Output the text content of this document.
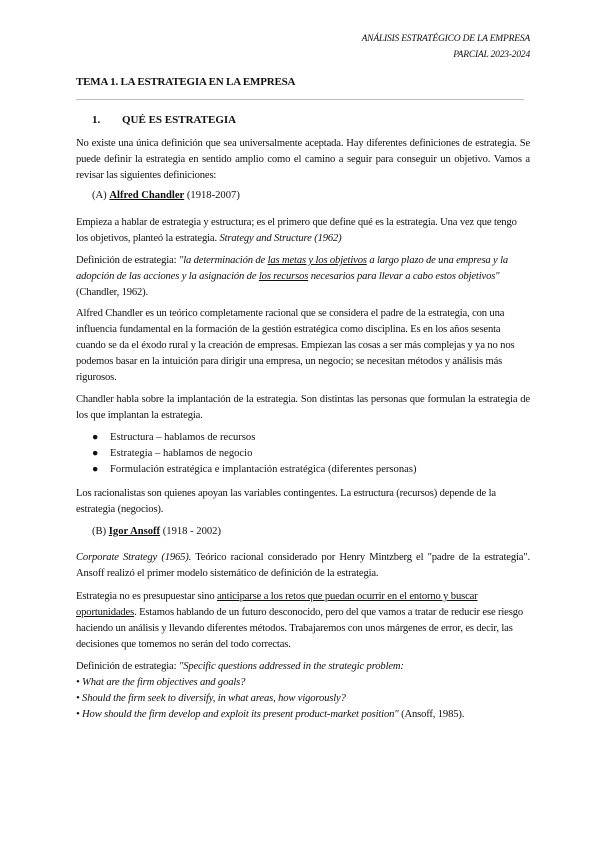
ANÁLISIS ESTRATÉGICO DE LA EMPRESA
PARCIAL 2023-2024
TEMA 1. LA ESTRATEGIA EN LA EMPRESA
1. QUÉ ES ESTRATEGIA

No existe una única definición que sea universalmente aceptada. Hay diferentes definiciones de estrategia. Se puede definir la estrategia en sentido amplio como el camino a seguir para conseguir un objetivo. Vamos a revisar las siguientes definiciones:

(A) Alfred Chandler (1918-2007)

Empieza a hablar de estrategia y estructura; es el primero que define qué es la estrategia. Una vez que tengo los objetivos, planteó la estrategia. Strategy and Structure (1962)

Definición de estrategia: "la determinación de las metas y los objetivos a largo plazo de una empresa y la adopción de las acciones y la asignación de los recursos necesarios para llevar a cabo estos objetivos" (Chandler, 1962).

Alfred Chandler es un teórico completamente racional que se considera el padre de la estrategia, con una influencia fundamental en la formación de la gestión estratégica como disciplina. Es en los años sesenta cuando se da el éxodo rural y la creación de empresas. Empiezan las cosas a ser más complejas y ya no nos podemos basar en la intuición para dirigir una empresa, un negocio; se necesitan métodos y análisis más rigurosos.

Chandler habla sobre la implantación de la estrategia. Son distintas las personas que formulan la estrategia de los que implantan la estrategia.

● Estructura – hablamos de recursos
● Estrategia – hablamos de negocio
● Formulación estratégica e implantación estratégica (diferentes personas)

Los racionalistas son quienes apoyan las variables contingentes. La estructura (recursos) depende de la estrategia (negocios).

(B) Igor Ansoff (1918 - 2002)

Corporate Strategy (1965). Teórico racional considerado por Henry Mintzberg el "padre de la estrategia". Ansoff realizó el primer modelo sistemático de definición de la estrategia.

Estrategia no es presupuestar sino anticiparse a los retos que puedan ocurrir en el entorno y buscar oportunidades. Estamos hablando de un futuro desconocido, pero del que vamos a tratar de reducir ese riesgo haciendo un análisis y llevando diferentes métodos. Trabajaremos con unos márgenes de error, es decir, las decisiones que tomemos no serán del todo correctas.

Definición de estrategia: "Specific questions addressed in the strategic problem:
• What are the firm objectives and goals?
• Should the firm seek to diversify, in what areas, how vigorously?
• How should the firm develop and exploit its present product-market position" (Ansoff, 1985).
